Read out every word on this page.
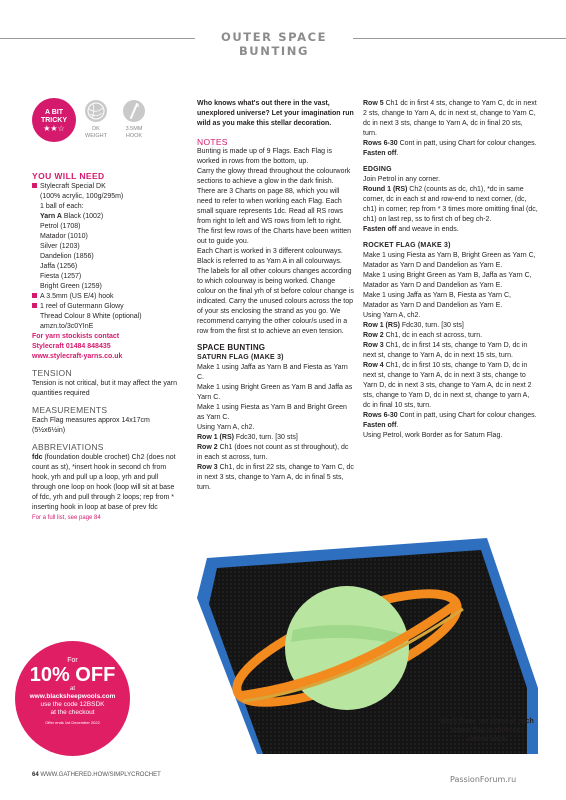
OUTER SPACE BUNTING
A BIT
TRICKY
★★☆	DK WEIGHT
3.5MM HOOK
YOU WILL NEED
Stylecraft Special DK
(100% acrylic, 100g/295m)
1 ball of each:
Yarn A Black (1002)
Petrol (1708)
Matador (1010)
Silver (1203)
Dandelion (1856)
Jaffa (1256)
Fiesta (1257)
Bright Green (1259)
A 3.5mm (US E/4) hook
1 reel of Gutermann Glowy
Thread Colour 8 White (optional)
amzn.to/3c0YInE
For yarn stockists contact
Stylecraft 01484 848435
www.stylecraft-yarns.co.uk
TENSION
Tension is not critical, but it may affect the yarn quantities required
MEASUREMENTS
Each Flag measures approx 14x17cm (5½x6½in)
ABBREVIATIONS
fdc (foundation double crochet) Ch2 (does not count as st), *insert hook in second ch from hook, yrh and pull up a loop, yrh and pull through one loop on hook (loop will sit at base of fdc, yrh and pull through 2 loops; rep from * inserting hook in loop at base of prev fdc
For a full list, see page 84
For
10% OFF
at
www.blacksheepwools.com
use the code 12BSDK
at the checkout
Offer ends 1st December 2022

Who knows what's out there in the vast, unexplored universe? Let your imagination run wild as you make this stellar decoration.

NOTES

Bunting is made up of 9 Flags. Each Flag is worked in rows from the bottom, up.

Carry the glowy thread throughout the colourwork sections to achieve a glow in the dark finish.

There are 3 Charts on page 88, which you will need to refer to when working each Flag. Each small square represents 1dc. Read all RS rows from right to left and WS rows from left to right. The first few rows of the Charts have been written out to guide you.

Each Chart is worked in 3 different colourways. Black is referred to as Yarn A in all colourways. The labels for all other colours changes according to which colourway is being worked. Change colour on the final yrh of st before colour change is indicated. Carry the unused colours across the top of your sts enclosing the strand as you go. We recommend carrying the other colour/s used in a row from the first st to achieve an even tension.

SPACE BUNTING
SATURN FLAG (MAKE 3)

Make 1 using Jaffa as Yarn B and Fiesta as Yarn C.

Make 1 using Bright Green as Yarn B and Jaffa as Yarn C.

Make 1 using Fiesta as Yarn B and Bright Green as Yarn C.

Using Yarn A, ch2.

Row 1 (RS) Fdc30, turn. [30 sts]

Row 2 Ch1 (does not count as st throughout), dc in each st across, turn.

Row 3 Ch1, dc in first 22 sts, change to Yarn C, dc in next 3 sts, change to Yarn A, dc in final 5 sts, turn.

Row 5 Ch1 dc in first 4 sts, change to Yarn C, dc in next 2 sts, change to Yarn A, dc in next st, change to Yarn C, dc in next 3 sts, change to Yarn A, dc in final 20 sts, turn.

Rows 6-30 Cont in patt, using Chart for colour changes.

Fasten off.

EDGING

Join Petrol in any corner.

Round 1 (RS) Ch2 (counts as dc, ch1), *dc in same corner, dc in each st and row-end to next corner, (dc, ch1) in corner; rep from * 3 times more omitting final (dc, ch1) on last rep, ss to first ch of beg ch-2.

Fasten off and weave in ends.

ROCKET FLAG (MAKE 3)

Make 1 using Fiesta as Yarn B, Bright Green as Yarn C, Matador as Yarn D and Dandelion as Yarn E.

Make 1 using Bright Green as Yarn B, Jaffa as Yarn C, Matador as Yarn D and Dandelion as Yarn E.

Make 1 using Jaffa as Yarn B, Fiesta as Yarn C, Matador as Yarn D and Dandelion as Yarn E.

Using Yarn A, ch2.

Row 1 (RS) Fdc30, turn. [30 sts]

Row 2 Ch1, dc in each st across, turn.

Row 3 Ch1, dc in first 14 sts, change to Yarn D, dc in next st, change to Yarn A, dc in next 15 sts, turn.

Row 4 Ch1, dc in first 10 sts, change to Yarn D, dc in next st, change to Yarn A, dc in next 3 sts, change to Yarn D, dc in next 3 sts, change to Yarn A, dc in next 2 sts, change to Yarn D, dc in next st, change to yarn A, dc in final 10 sts, turn.

Rows 6-30 Cont in patt, using Chart for colour changes.

Fasten off.

Using Petrol, work Border as for Saturn Flag.

Work three versions of each space flag in different colourways
64 WWW.GATHERED.HOW/SIMPLYCROCHET	PassionForum.ru
